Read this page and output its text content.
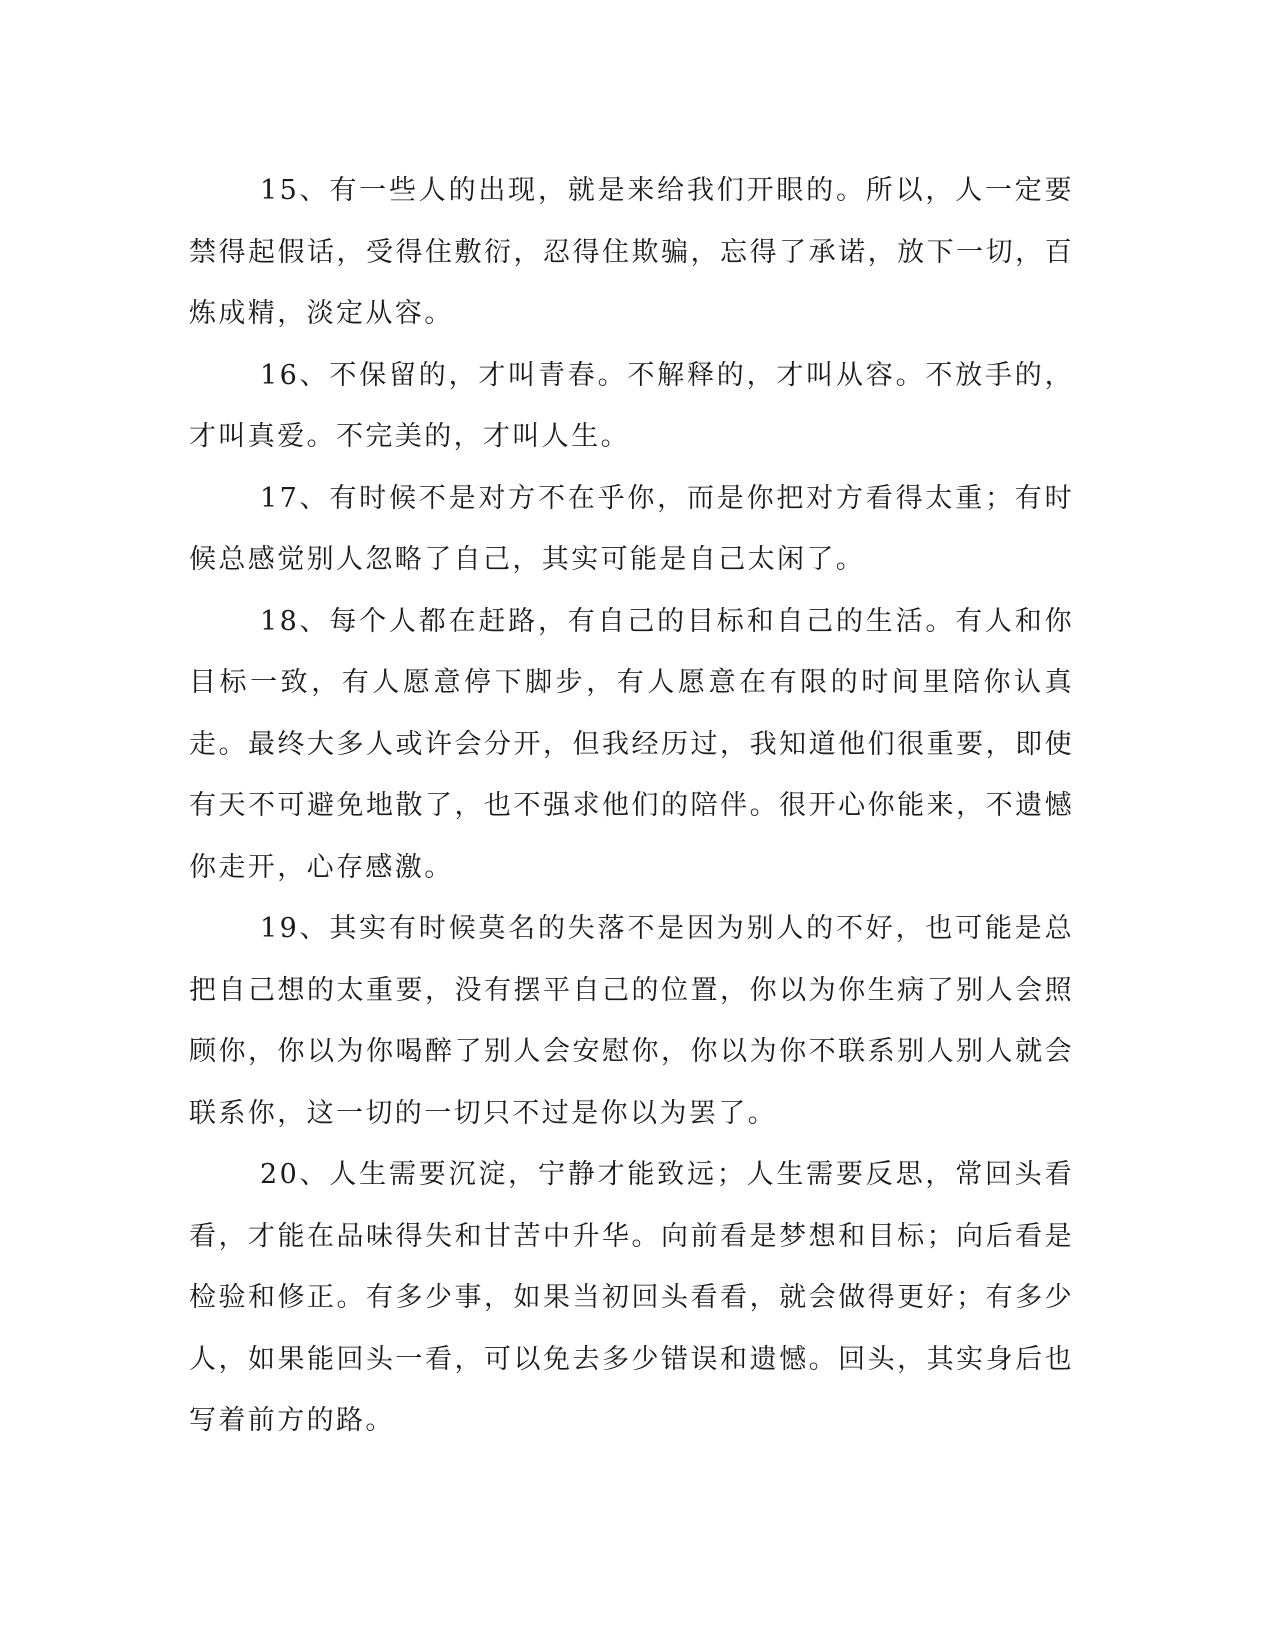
15、有一些人的出现，就是来给我们开眼的。所以，人一定要禁得起假话，受得住敷衍，忍得住欺骗，忘得了承诺，放下一切，百炼成精，淡定从容。

16、不保留的，才叫青春。不解释的，才叫从容。不放手的，才叫真爱。不完美的，才叫人生。

17、有时候不是对方不在乎你，而是你把对方看得太重；有时候总感觉别人忽略了自己，其实可能是自己太闲了。

18、每个人都在赶路，有自己的目标和自己的生活。有人和你目标一致，有人愿意停下脚步，有人愿意在有限的时间里陪你认真走。最终大多人或许会分开，但我经历过，我知道他们很重要，即使有天不可避免地散了，也不强求他们的陪伴。很开心你能来，不遗憾你走开，心存感激。

19、其实有时候莫名的失落不是因为别人的不好，也可能是总把自己想的太重要，没有摆平自己的位置，你以为你生病了别人会照顾你，你以为你喝醉了别人会安慰你，你以为你不联系别人别人就会联系你，这一切的一切只不过是你以为罢了。

20、人生需要沉淀，宁静才能致远；人生需要反思，常回头看看，才能在品味得失和甘苦中升华。向前看是梦想和目标；向后看是检验和修正。有多少事，如果当初回头看看，就会做得更好；有多少人，如果能回头一看，可以免去多少错误和遗憾。回头，其实身后也写着前方的路。
